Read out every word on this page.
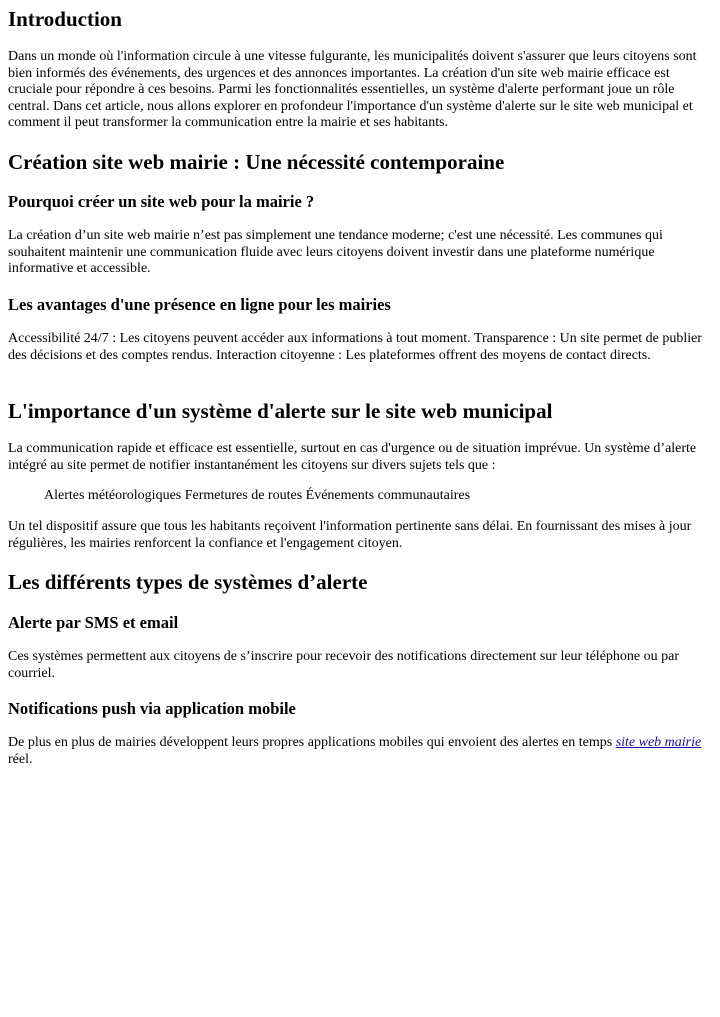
Introduction

Dans un monde où l'information circule à une vitesse fulgurante, les municipalités doivent s'assurer que leurs citoyens sont bien informés des événements, des urgences et des annonces importantes. La création d'un site web mairie efficace est cruciale pour répondre à ces besoins. Parmi les fonctionnalités essentielles, un système d'alerte performant joue un rôle central. Dans cet article, nous allons explorer en profondeur l'importance d'un système d'alerte sur le site web municipal et comment il peut transformer la communication entre la mairie et ses habitants.

Création site web mairie : Une nécessité contemporaine
Pourquoi créer un site web pour la mairie ?

La création d’un site web mairie n’est pas simplement une tendance moderne; c'est une nécessité. Les communes qui souhaitent maintenir une communication fluide avec leurs citoyens doivent investir dans une plateforme numérique informative et accessible.

Les avantages d'une présence en ligne pour les mairies

Accessibilité 24/7 : Les citoyens peuvent accéder aux informations à tout moment. Transparence : Un site permet de publier des décisions et des comptes rendus. Interaction citoyenne : Les plateformes offrent des moyens de contact directs.

L'importance d'un système d'alerte sur le site web municipal

La communication rapide et efficace est essentielle, surtout en cas d'urgence ou de situation imprévue. Un système d’alerte intégré au site permet de notifier instantanément les citoyens sur divers sujets tels que :

Alertes météorologiques Fermetures de routes Événements communautaires

Un tel dispositif assure que tous les habitants reçoivent l'information pertinente sans délai. En fournissant des mises à jour régulières, les mairies renforcent la confiance et l'engagement citoyen.

Les différents types de systèmes d’alerte
Alerte par SMS et email

Ces systèmes permettent aux citoyens de s’inscrire pour recevoir des notifications directement sur leur téléphone ou par courriel.

Notifications push via application mobile

De plus en plus de mairies développent leurs propres applications mobiles qui envoient des alertes en temps site web mairie réel.
